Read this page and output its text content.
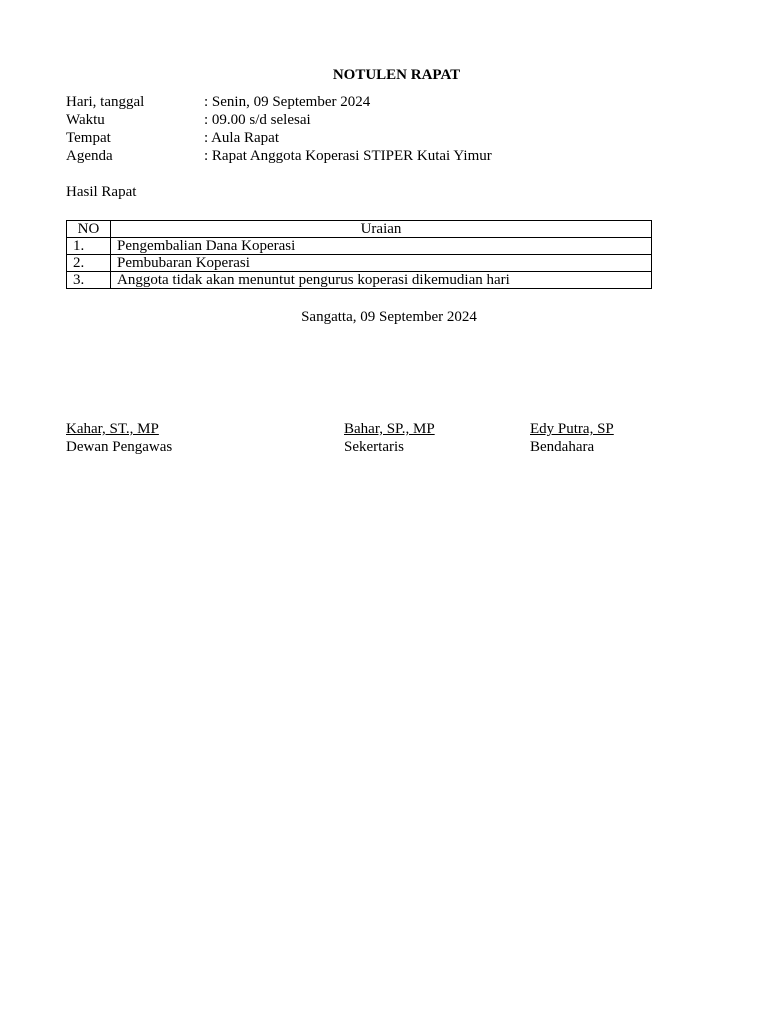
NOTULEN RAPAT
Hari, tanggal	: Senin, 09 September 2024
Waktu	: 09.00 s/d selesai
Tempat	: Aula Rapat
Agenda	: Rapat Anggota Koperasi STIPER Kutai Yimur
Hasil Rapat
NO	Uraian
1.	Pengembalian Dana Koperasi
2.	Pembubaran Koperasi
3.	Anggota tidak akan menuntut pengurus koperasi dikemudian hari
Sangatta, 09 September 2024
Kahar, ST., MP
Dewan Pengawas
Bahar, SP., MP
Sekertaris
Edy Putra, SP
Bendahara
